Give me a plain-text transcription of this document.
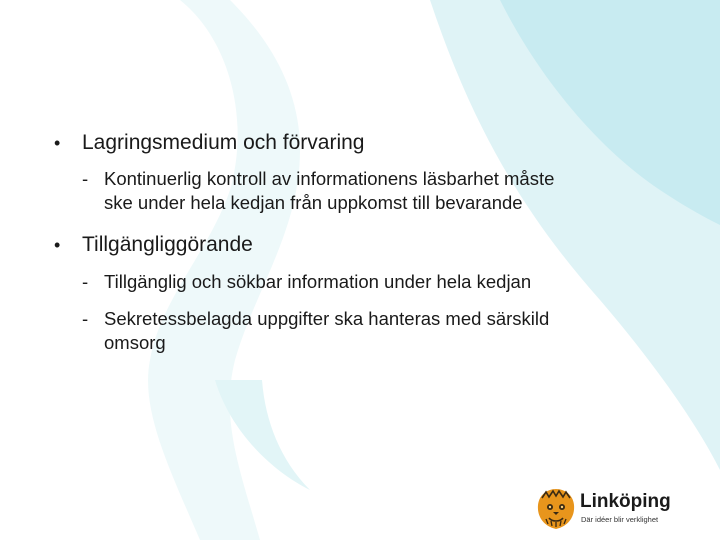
• Lagringsmedium och förvaring
- Kontinuerlig kontroll av informationens läsbarhet måste
ske under hela kedjan från uppkomst till bevarande
• Tillgängliggörande
- Tillgänglig och sökbar information under hela kedjan
- Sekretessbelagda uppgifter ska hanteras med särskild
omsorg
Linköping
Där idéer blir verklighet
